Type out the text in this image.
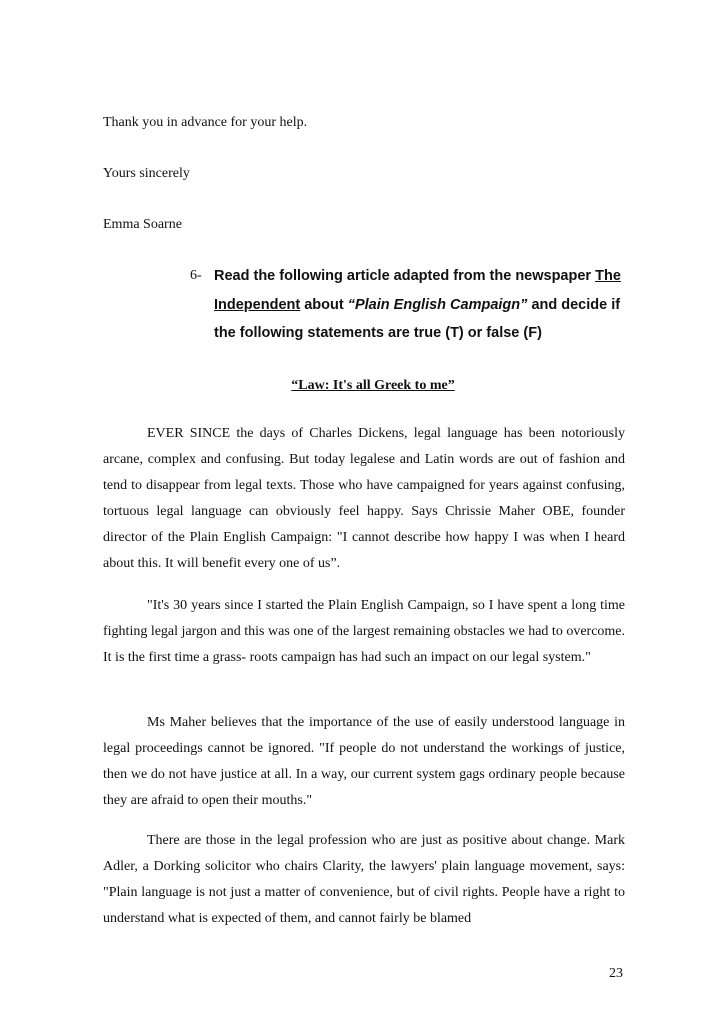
Thank you in advance for your help.
Yours sincerely
Emma Soarne
6- Read the following article adapted from the newspaper The Independent about “Plain English Campaign” and decide if the following statements are true (T) or false (F)
“Law: It's all Greek to me”

EVER SINCE the days of Charles Dickens, legal language has been notoriously arcane, complex and confusing. But today legalese and Latin words are out of fashion and tend to disappear from legal texts. Those who have campaigned for years against confusing, tortuous legal language can obviously feel happy. Says Chrissie Maher OBE, founder director of the Plain English Campaign: "I cannot describe how happy I was when I heard about this. It will benefit every one of us”.

"It's 30 years since I started the Plain English Campaign, so I have spent a long time fighting legal jargon and this was one of the largest remaining obstacles we had to overcome. It is the first time a grass- roots campaign has had such an impact on our legal system."

Ms Maher believes that the importance of the use of easily understood language in legal proceedings cannot be ignored. "If people do not understand the workings of justice, then we do not have justice at all. In a way, our current system gags ordinary people because they are afraid to open their mouths."

There are those in the legal profession who are just as positive about change. Mark Adler, a Dorking solicitor who chairs Clarity, the lawyers' plain language movement, says: "Plain language is not just a matter of convenience, but of civil rights. People have a right to understand what is expected of them, and cannot fairly be blamed

23
